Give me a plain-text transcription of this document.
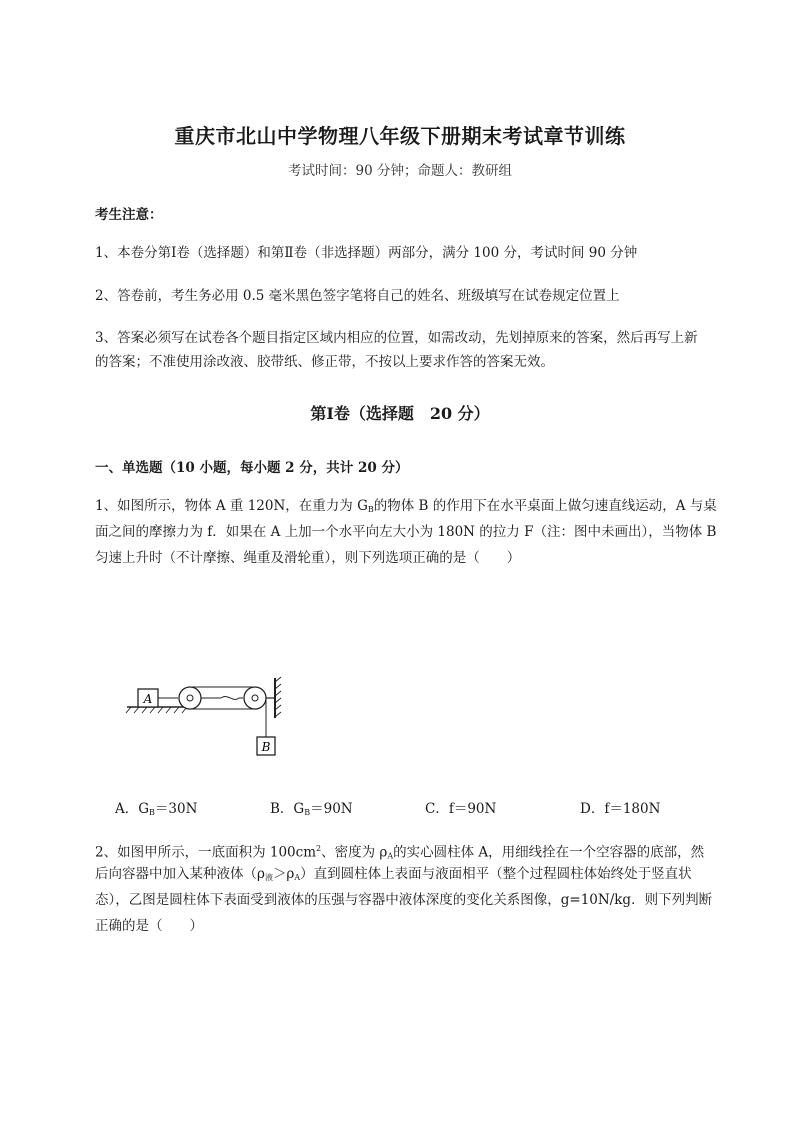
重庆市北山中学物理八年级下册期末考试章节训练
考试时间：90 分钟；命题人：教研组
考生注意：
1、本卷分第Ⅰ卷（选择题）和第Ⅱ卷（非选择题）两部分，满分 100 分，考试时间 90 分钟
2、答卷前，考生务必用 0.5 毫米黑色签字笔将自己的姓名、班级填写在试卷规定位置上
3、答案必须写在试卷各个题目指定区域内相应的位置，如需改动，先划掉原来的答案，然后再写上新
的答案；不准使用涂改液、胶带纸、修正带，不按以上要求作答的答案无效。
第Ⅰ卷（选择题　20 分）
一、单选题（10 小题，每小题 2 分，共计 20 分）
1、如图所示，物体 A 重 120N，在重力为 $G_B$的物体 B 的作用下在水平桌面上做匀速直线运动，A 与桌
面之间的摩擦力为 f．如果在 A 上加一个水平向左大小为 180N 的拉力 F（注：图中未画出），当物体 B
匀速上升时（不计摩擦、绳重及滑轮重），则下列选项正确的是（　　）
A
B
A．$G_B=30N$	B．$G_B=90N$	C．f＝90N	D．f＝180N
2、如图甲所示，一底面积为 $100cm^2$、密度为 $\rho_A$的实心圆柱体 A，用细线拴在一个空容器的底部，然
后向容器中加入某种液体$(\rho_液>\rho_A)$直到圆柱体上表面与液面相平（整个过程圆柱体始终处于竖直状
态），乙图是圆柱体下表面受到液体的压强与容器中液体深度的变化关系图像，g=10N/kg．则下列判断
正确的是（　　）
